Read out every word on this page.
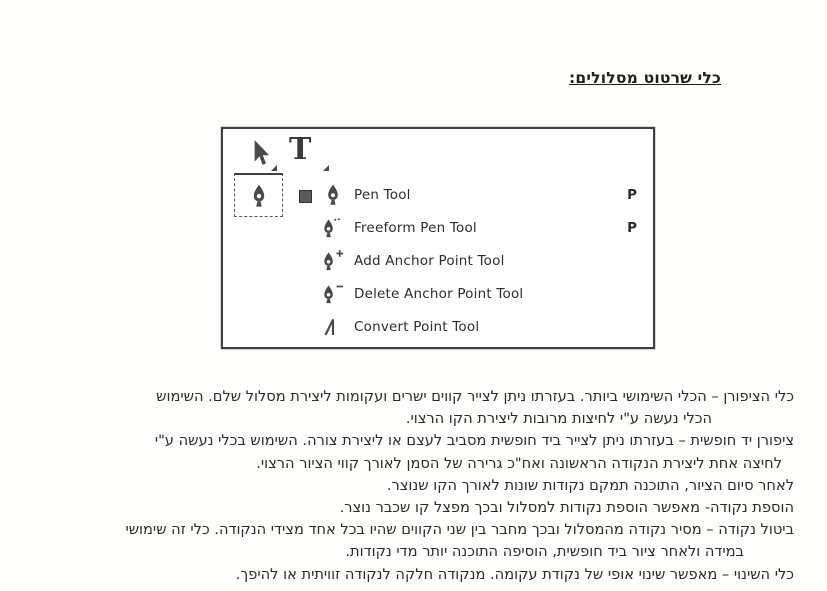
כלי שרטוט מסלולים:
T
Pen Tool	P
Freeform Pen Tool	P
Add Anchor Point Tool
Delete Anchor Point Tool
Convert Point Tool
כלי הציפורן – הכלי השימושי ביותר. בעזרתו ניתן לצייר קווים ישרים ועקומות ליצירת מסלול שלם. השימוש
הכלי נעשה ע"י לחיצות מרובות ליצירת הקו הרצוי.
ציפורן יד חופשית – בעזרתו ניתן לצייר ביד חופשית מסביב לעצם או ליצירת צורה. השימוש בכלי נעשה ע"י
לחיצה אחת ליצירת הנקודה הראשונה ואח"כ גרירה של הסמן לאורך קווי הציור הרצוי.
לאחר סיום הציור, התוכנה תמקם נקודות שונות לאורך הקו שנוצר.
הוספת נקודה- מאפשר הוספת נקודות למסלול ובכך מפצל קו שכבר נוצר.
ביטול נקודה – מסיר נקודה מהמסלול ובכך מחבר בין שני הקווים שהיו בכל אחד מצידי הנקודה. כלי זה שימושי
במידה ולאחר ציור ביד חופשית, הוסיפה התוכנה יותר מדי נקודות.
כלי השינוי – מאפשר שינוי אופי של נקודת עקומה. מנקודה חלקה לנקודה זוויתית או להיפך.
